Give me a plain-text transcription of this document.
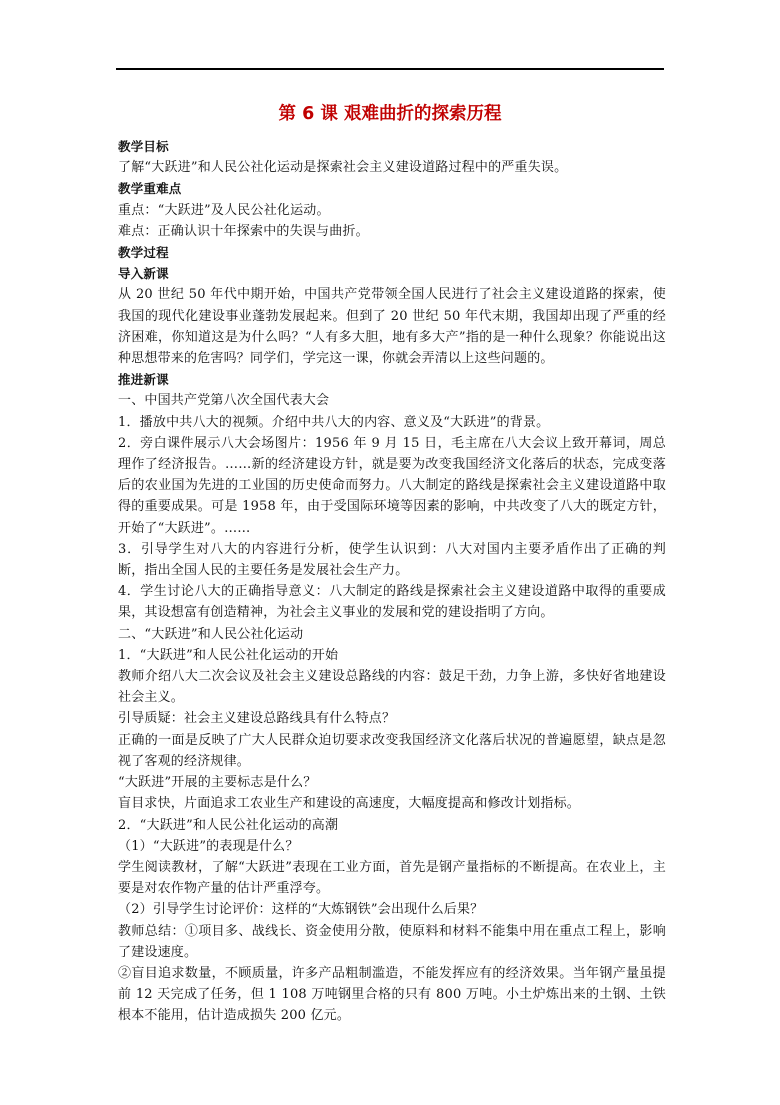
第 6 课 艰难曲折的探索历程

教学目标

了解“大跃进”和人民公社化运动是探索社会主义建设道路过程中的严重失误。

教学重难点

重点：“大跃进”及人民公社化运动。

难点：正确认识十年探索中的失误与曲折。

教学过程

导入新课

从 20 世纪 50 年代中期开始，中国共产党带领全国人民进行了社会主义建设道路的探索，使我国的现代化建设事业蓬勃发展起来。但到了 20 世纪 50 年代末期，我国却出现了严重的经济困难，你知道这是为什么吗？“人有多大胆，地有多大产”指的是一种什么现象？你能说出这种思想带来的危害吗？同学们，学完这一课，你就会弄清以上这些问题的。

推进新课

一、中国共产党第八次全国代表大会

1．播放中共八大的视频。介绍中共八大的内容、意义及“大跃进”的背景。

2．旁白课件展示八大会场图片：1956 年 9 月 15 日，毛主席在八大会议上致开幕词，周总理作了经济报告。……新的经济建设方针，就是要为改变我国经济文化落后的状态，完成变落后的农业国为先进的工业国的历史使命而努力。八大制定的路线是探索社会主义建设道路中取得的重要成果。可是 1958 年，由于受国际环境等因素的影响，中共改变了八大的既定方针，开始了“大跃进”。……

3．引导学生对八大的内容进行分析，使学生认识到：八大对国内主要矛盾作出了正确的判断，指出全国人民的主要任务是发展社会生产力。

4．学生讨论八大的正确指导意义：八大制定的路线是探索社会主义建设道路中取得的重要成果，其设想富有创造精神，为社会主义事业的发展和党的建设指明了方向。

二、“大跃进”和人民公社化运动

1．“大跃进”和人民公社化运动的开始

教师介绍八大二次会议及社会主义建设总路线的内容：鼓足干劲，力争上游，多快好省地建设社会主义。

引导质疑：社会主义建设总路线具有什么特点？

正确的一面是反映了广大人民群众迫切要求改变我国经济文化落后状况的普遍愿望，缺点是忽视了客观的经济规律。

“大跃进”开展的主要标志是什么？

盲目求快，片面追求工农业生产和建设的高速度，大幅度提高和修改计划指标。

2．“大跃进”和人民公社化运动的高潮

（1）“大跃进”的表现是什么？

学生阅读教材，了解“大跃进”表现在工业方面，首先是钢产量指标的不断提高。在农业上，主要是对农作物产量的估计严重浮夸。

（2）引导学生讨论评价：这样的“大炼钢铁”会出现什么后果？

教师总结：①项目多、战线长、资金使用分散，使原料和材料不能集中用在重点工程上，影响了建设速度。

②盲目追求数量，不顾质量，许多产品粗制滥造，不能发挥应有的经济效果。当年钢产量虽提前 12 天完成了任务，但 1 108 万吨钢里合格的只有 800 万吨。小土炉炼出来的土钢、土铁根本不能用，估计造成损失 200 亿元。
